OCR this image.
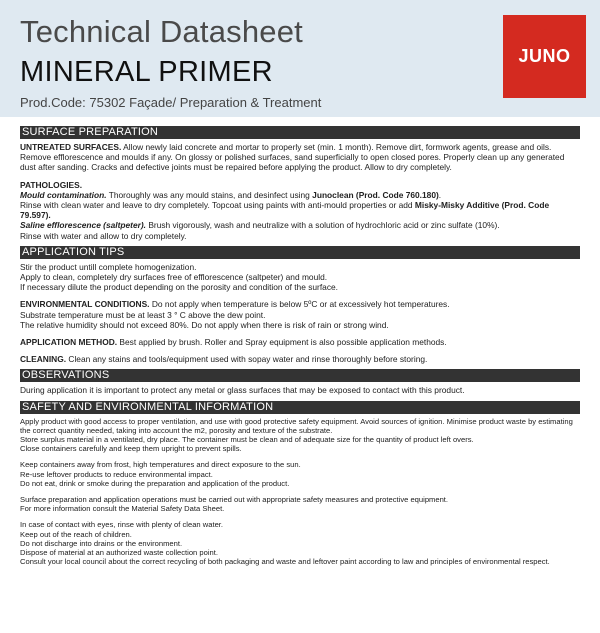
Technical Datasheet
MINERAL PRIMER
Prod.Code: 75302 Façade/ Preparation & Treatment
JUNO
SURFACE PREPARATION

UNTREATED SURFACES. Allow newly laid concrete and mortar to properly set (min. 1 month). Remove dirt, formwork agents, grease and oils. Remove efflorescence and moulds if any. On glossy or polished surfaces, sand superficially to open closed pores. Properly clean up any generated dust after sanding. Cracks and defective joints must be repaired before applying the product. Allow to dry completely.

PATHOLOGIES.

Mould contamination. Thoroughly was any mould stains, and desinfect using Junoclean (Prod. Code 760.180).

Rinse with clean water and leave to dry completely. Topcoat using paints with anti-mould properties or add Misky-Misky Additive (Prod. Code 79.597).

Saline efflorescence (saltpeter). Brush vigorously, wash and neutralize with a solution of hydrochloric acid or zinc sulfate (10%).

Rinse with water and allow to dry completely.

APPLICATION TIPS

Stir the product untill complete homogenization.

Apply to clean, completely dry surfaces free of efflorescence (saltpeter) and mould.

If necessary dilute the product depending on the porosity and condition of the surface.

ENVIRONMENTAL CONDITIONS. Do not apply when temperature is below 5ºC or at excessively hot temperatures.

Substrate temperature must be at least 3 ° C above the dew point.

The relative humidity should not exceed 80%. Do not apply when there is risk of rain or strong wind.

APPLICATION METHOD. Best applied by brush. Roller and Spray equipment is also possible application methods.

CLEANING. Clean any stains and tools/equipment used with sopay water and rinse thoroughly before storing.

OBSERVATIONS

During application it is important to protect any metal or glass surfaces that may be exposed to contact with this product.

SAFETY AND ENVIRONMENTAL INFORMATION

Apply product with good access to proper ventilation, and use with good protective safety equipment. Avoid sources of ignition. Minimise product waste by estimating the correct quantity needed, taking into account the m2, porosity and texture of the substrate.

Store surplus material in a ventilated, dry place. The container must be clean and of adequate size for the quantity of product left overs.

Close containers carefully and keep them upright to prevent spills.

Keep containers away from frost, high temperatures and direct exposure to the sun.

Re-use leftover products to reduce environmental impact.

Do not eat, drink or smoke during the preparation and application of the product.

Surface preparation and application operations must be carried out with appropriate safety measures and protective equipment.

For more information consult the Material Safety Data Sheet.

In case of contact with eyes, rinse with plenty of clean water.

Keep out of the reach of children.

Do not discharge into drains or the environment.

Dispose of material at an authorized waste collection point.

Consult your local council about the correct recycling of both packaging and waste and leftover paint according to law and principles of environmental respect.
